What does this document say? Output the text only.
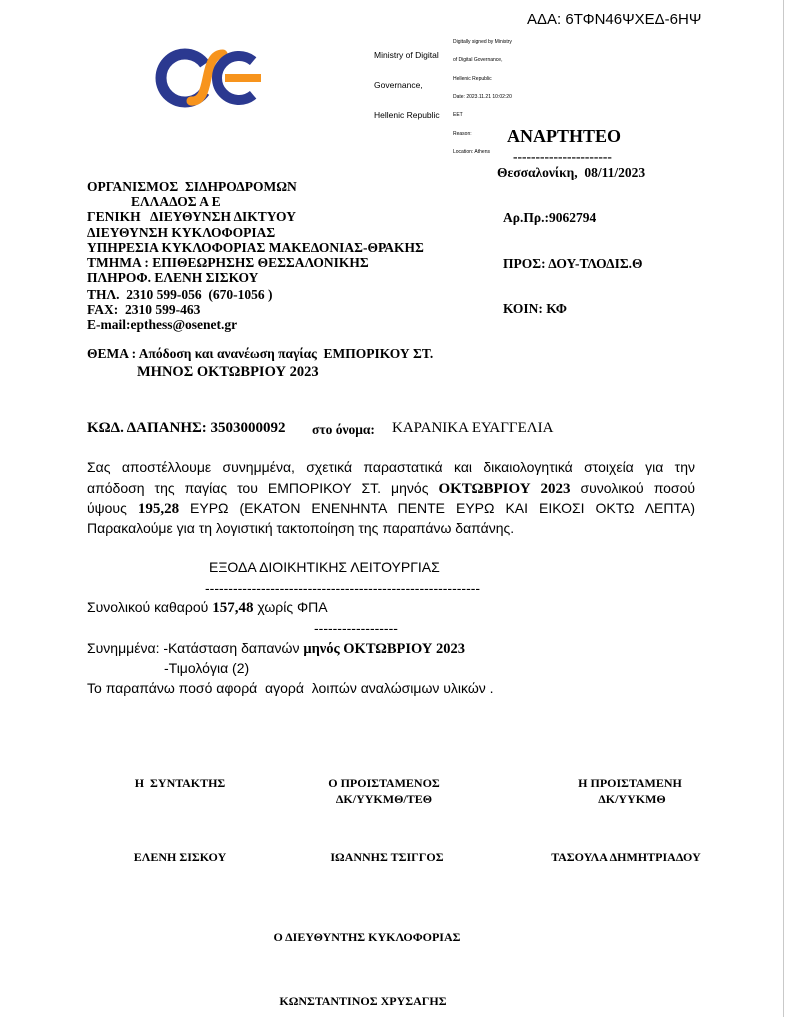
ΑΔΑ: 6ΤΦΝ46ΨΧΕΔ-6ΗΨ

Ministry of Digital

Governance,

Hellenic Republic

Digitally signed by Ministry

of Digital Governance,

Hellenic Republic

Date: 2023.11.21 10:02:20

EET

Reason:

Location: Athens

ΑΝΑΡΤΗΤΕΟ
----------------------
Θεσσαλονίκη,  08/11/2023
ΟΡΓΑΝΙΣΜΟΣ  ΣΙΔΗΡΟΔΡΟΜΩΝ
ΕΛΛΑΔΟΣ Α Ε
ΓΕΝΙΚΗ   ΔΙΕΥΘΥΝΣΗ ΔΙΚΤΥΟΥ
ΔΙΕΥΘΥΝΣΗ ΚΥΚΛΟΦΟΡΙΑΣ
ΥΠΗΡΕΣΙΑ ΚΥΚΛΟΦΟΡΙΑΣ ΜΑΚΕΔΟΝΙΑΣ-ΘΡΑΚΗΣ
ΤΜΗΜΑ : ΕΠΙΘΕΩΡΗΣΗΣ ΘΕΣΣΑΛΟΝΙΚΗΣ
ΠΛΗΡΟΦ. ΕΛΕΝΗ ΣΙΣΚΟΥ
ΤΗΛ.  2310 599-056  (670-1056 )
FAX:  2310 599-463
E-mail:epthess@osenet.gr
Αρ.Πρ.:9062794
ΠΡΟΣ: ΔΟΥ-ΤΛΟΔΙΣ.Θ
ΚΟΙΝ: ΚΦ
ΘΕΜΑ : Απόδοση και ανανέωση παγίας  ΕΜΠΟΡΙΚΟΥ ΣΤ.
ΜΗΝΟΣ ΟΚΤΩΒΡΙΟΥ 2023
ΚΩΔ. ΔΑΠΑΝΗΣ: 3503000092 στο όνομα: ΚΑΡΑΝΙΚΑ ΕΥΑΓΓΕΛΙΑ
Σας αποστέλλουμε συνημμένα, σχετικά παραστατικά και δικαιολογητικά στοιχεία για την
απόδοση της παγίας του ΕΜΠΟΡΙΚΟΥ ΣΤ. μηνός ΟΚΤΩΒΡΙΟΥ 2023 συνολικού ποσού
ύψους 195,28 ΕΥΡΩ (ΕΚΑΤΟΝ ΕΝΕΝΗΝΤΑ ΠΕΝΤΕ ΕΥΡΩ ΚΑΙ ΕΙΚΟΣΙ ΟΚΤΩ ΛΕΠΤΑ)
Παρακαλούμε για τη λογιστική τακτοποίηση της παραπάνω δαπάνης.
ΕΞΟΔΑ ΔΙΟΙΚΗΤΙΚΗΣ ΛΕΙΤΟΥΡΓΙΑΣ
-----------------------------------------------------------
Συνολικού καθαρού 157,48 χωρίς ΦΠΑ
------------------
Συνημμένα: -Κατάσταση δαπανών μηνός ΟΚΤΩΒΡΙΟΥ 2023
-Τιμολόγια (2)
Το παραπάνω ποσό αφορά  αγορά  λοιπών αναλώσιμων υλικών .
Η  ΣΥΝΤΑΚΤΗΣ
ΕΛΕΝΗ ΣΙΣΚΟΥ
Ο ΠΡΟΙΣΤΑΜΕΝΟΣ
ΔΚ/ΥΥΚΜΘ/ΤΕΘ
ΙΩΑΝΝΗΣ ΤΣΙΓΓΟΣ
Η ΠΡΟΙΣΤΑΜΕΝΗ
ΔΚ/ΥΥΚΜΘ
ΤΑΣΟΥΛΑ ΔΗΜΗΤΡΙΑΔΟΥ
Ο ΔΙΕΥΘΥΝΤΗΣ ΚΥΚΛΟΦΟΡΙΑΣ
ΚΩΝΣΤΑΝΤΙΝΟΣ ΧΡΥΣΑΓΗΣ
